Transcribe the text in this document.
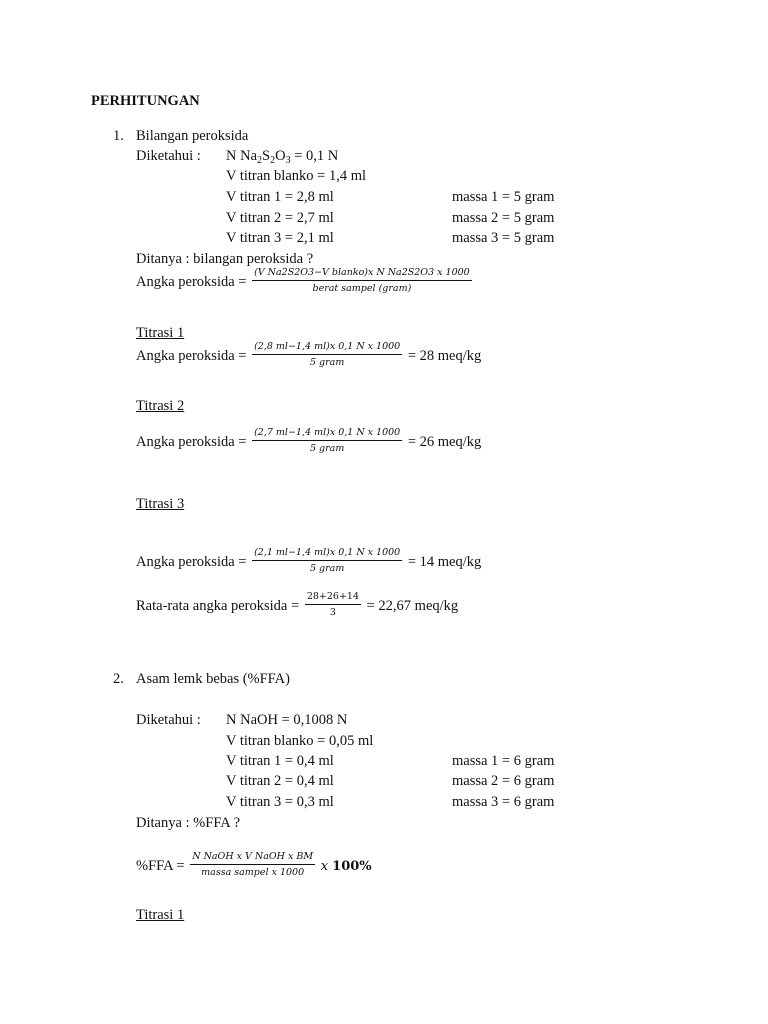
PERHITUNGAN
1. Bilangan peroksida
Diketahui : N $Na_2S_2O_3 = 0,1$ N
V titran blanko = 1,4 ml
V titran 1 = 2,8 ml	massa 1 = 5 gram
V titran 2 = 2,7 ml	massa 2 = 5 gram
V titran 3 = 2,1 ml	massa 3 = 5 gram
Ditanya : bilangan peroksida ?
Angka peroksida = $\frac{\text{(V Na2S2O3−V blanko)x N Na2S2O3 x 1000}}{\text{berat sampel (gram)}}$
Titrasi 1
Angka peroksida = $\frac{\text{(2,8 ml−1,4 ml)x 0,1 N x 1000}}{\text{5 gram}} = 28$ meq/kg
Titrasi 2
Angka peroksida = $\frac{\text{(2,7 ml−1,4 ml)x 0,1 N x 1000}}{\text{5 gram}} = 26$ meq/kg
Titrasi 3
Angka peroksida = $\frac{\text{(2,1 ml−1,4 ml)x 0,1 N x 1000}}{\text{5 gram}} = 14$ meq/kg
Rata-rata angka peroksida = $\frac{28+26+14}{3} = 22,67$ meq/kg
2. Asam lemk bebas (%FFA)
Diketahui : N NaOH = 0,1008 N
V titran blanko = 0,05 ml
V titran 1 = 0,4 ml	massa 1 = 6 gram
V titran 2 = 0,4 ml	massa 2 = 6 gram
V titran 3 = 0,3 ml	massa 3 = 6 gram
Ditanya : %FFA ?
$\%FFA = \frac{\text{N NaOH x V NaOH x BM}}{\text{massa sampel x 1000}}$ x 100%
Titrasi 1
